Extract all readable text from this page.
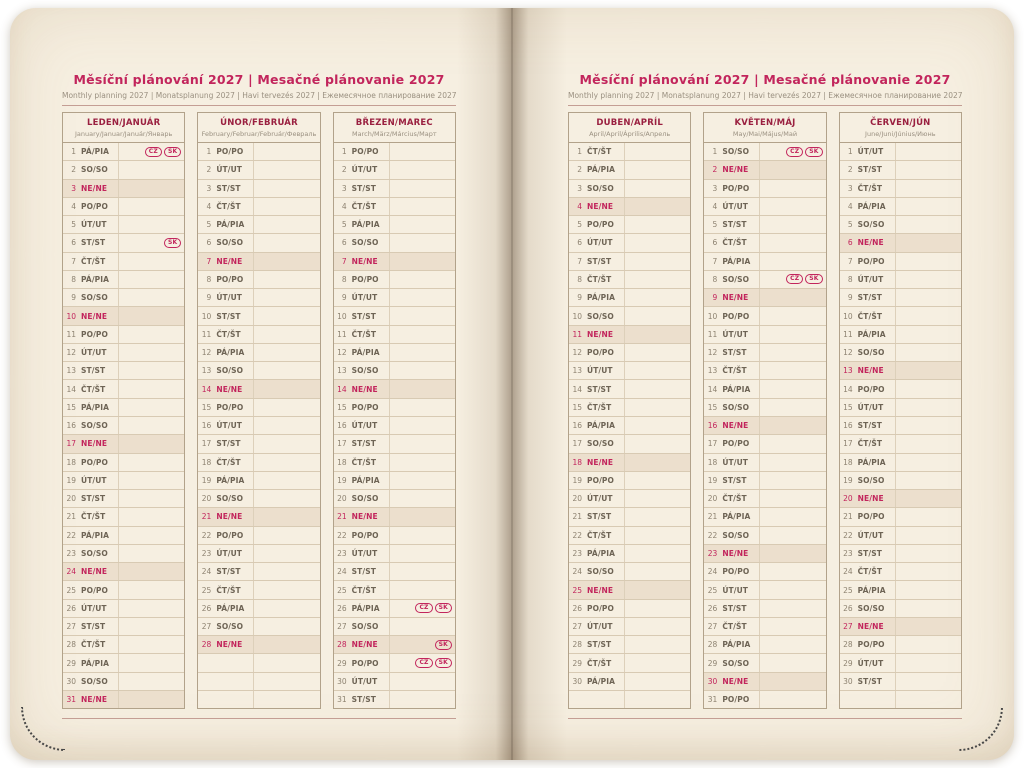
Měsíční plánování 2027 | Mesačné plánovanie 2027
Monthly planning 2027 | Monatsplanung 2027 | Havi tervezés 2027 | Ежемесячное планирование 2027
LEDEN/JANUÁR
January/Januar/Január/Январь
1 PÁ/PIA	CZ	SK
2 SO/SO
3 NE/NE
4 PO/PO
5 ÚT/UT
6 ST/ST	SK
7 ČT/ŠT
8 PÁ/PIA
9 SO/SO
10 NE/NE
11 PO/PO
12 ÚT/UT
13 ST/ST
14 ČT/ŠT
15 PÁ/PIA
16 SO/SO
17 NE/NE
18 PO/PO
19 ÚT/UT
20 ST/ST
21 ČT/ŠT
22 PÁ/PIA
23 SO/SO
24 NE/NE
25 PO/PO
26 ÚT/UT
27 ST/ST
28 ČT/ŠT
29 PÁ/PIA
30 SO/SO
31 NE/NE
ÚNOR/FEBRUÁR
February/Februar/Február/Февраль
1 PO/PO
2 ÚT/UT
3 ST/ST
4 ČT/ŠT
5 PÁ/PIA
6 SO/SO
7 NE/NE
8 PO/PO
9 ÚT/UT
10 ST/ST
11 ČT/ŠT
12 PÁ/PIA
13 SO/SO
14 NE/NE
15 PO/PO
16 ÚT/UT
17 ST/ST
18 ČT/ŠT
19 PÁ/PIA
20 SO/SO
21 NE/NE
22 PO/PO
23 ÚT/UT
24 ST/ST
25 ČT/ŠT
26 PÁ/PIA
27 SO/SO
28 NE/NE
BŘEZEN/MAREC
March/März/Március/Март
1 PO/PO
2 ÚT/UT
3 ST/ST
4 ČT/ŠT
5 PÁ/PIA
6 SO/SO
7 NE/NE
8 PO/PO
9 ÚT/UT
10 ST/ST
11 ČT/ŠT
12 PÁ/PIA
13 SO/SO
14 NE/NE
15 PO/PO
16 ÚT/UT
17 ST/ST
18 ČT/ŠT
19 PÁ/PIA
20 SO/SO
21 NE/NE
22 PO/PO
23 ÚT/UT
24 ST/ST
25 ČT/ŠT
26 PÁ/PIA	CZ	SK
27 SO/SO
28 NE/NE	SK
29 PO/PO	CZ	SK
30 ÚT/UT
31 ST/ST
Měsíční plánování 2027 | Mesačné plánovanie 2027
Monthly planning 2027 | Monatsplanung 2027 | Havi tervezés 2027 | Ежемесячное планирование 2027
DUBEN/APRÍL
April/April/Április/Апрель
1 ČT/ŠT
2 PÁ/PIA
3 SO/SO
4 NE/NE
5 PO/PO
6 ÚT/UT
7 ST/ST
8 ČT/ŠT
9 PÁ/PIA
10 SO/SO
11 NE/NE
12 PO/PO
13 ÚT/UT
14 ST/ST
15 ČT/ŠT
16 PÁ/PIA
17 SO/SO
18 NE/NE
19 PO/PO
20 ÚT/UT
21 ST/ST
22 ČT/ŠT
23 PÁ/PIA
24 SO/SO
25 NE/NE
26 PO/PO
27 ÚT/UT
28 ST/ST
29 ČT/ŠT
30 PÁ/PIA
KVĚTEN/MÁJ
May/Mai/Május/Май
1 SO/SO	CZ	SK
2 NE/NE
3 PO/PO
4 ÚT/UT
5 ST/ST
6 ČT/ŠT
7 PÁ/PIA
8 SO/SO	CZ	SK
9 NE/NE
10 PO/PO
11 ÚT/UT
12 ST/ST
13 ČT/ŠT
14 PÁ/PIA
15 SO/SO
16 NE/NE
17 PO/PO
18 ÚT/UT
19 ST/ST
20 ČT/ŠT
21 PÁ/PIA
22 SO/SO
23 NE/NE
24 PO/PO
25 ÚT/UT
26 ST/ST
27 ČT/ŠT
28 PÁ/PIA
29 SO/SO
30 NE/NE
31 PO/PO
ČERVEN/JÚN
June/Juni/Június/Июнь
1 ÚT/UT
2 ST/ST
3 ČT/ŠT
4 PÁ/PIA
5 SO/SO
6 NE/NE
7 PO/PO
8 ÚT/UT
9 ST/ST
10 ČT/ŠT
11 PÁ/PIA
12 SO/SO
13 NE/NE
14 PO/PO
15 ÚT/UT
16 ST/ST
17 ČT/ŠT
18 PÁ/PIA
19 SO/SO
20 NE/NE
21 PO/PO
22 ÚT/UT
23 ST/ST
24 ČT/ŠT
25 PÁ/PIA
26 SO/SO
27 NE/NE
28 PO/PO
29 ÚT/UT
30 ST/ST
